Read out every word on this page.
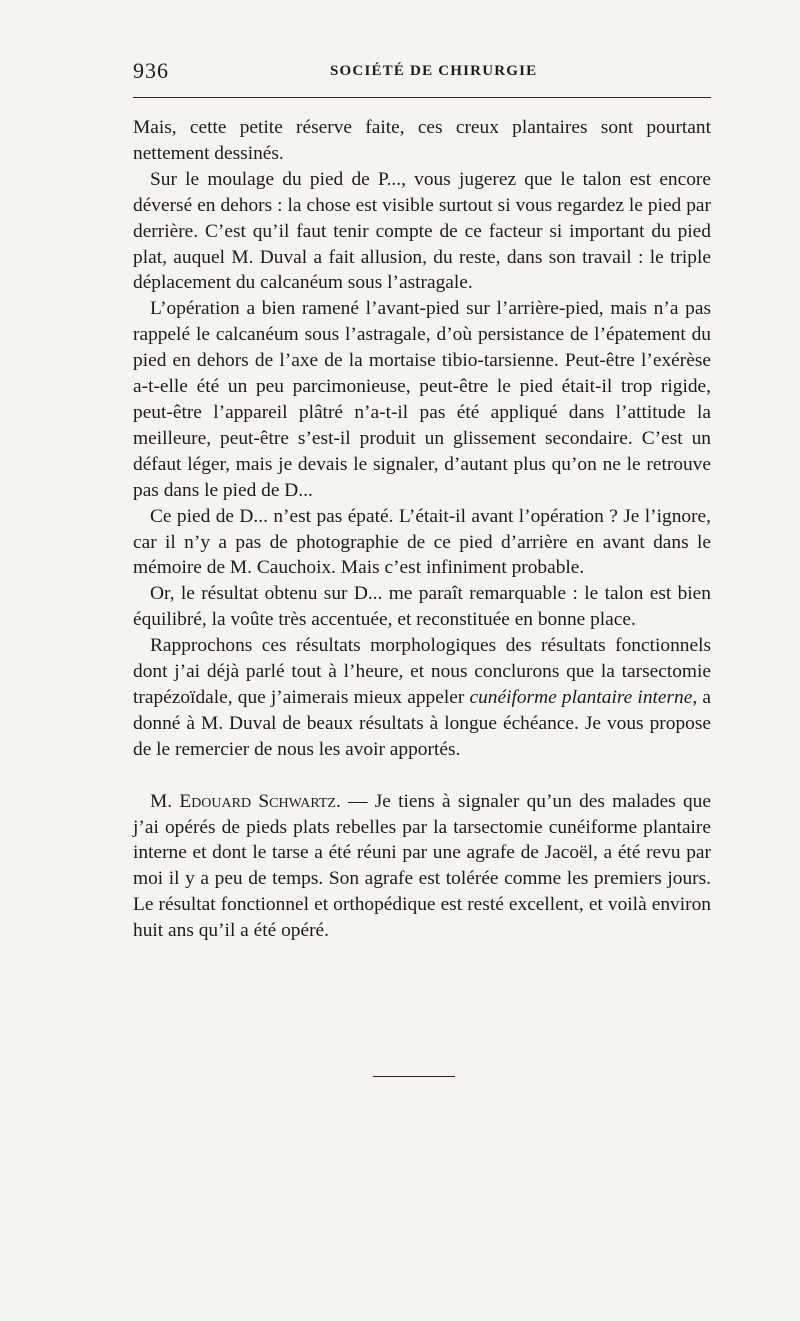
936	SOCIÉTÉ DE CHIRURGIE

Mais, cette petite réserve faite, ces creux plantaires sont pourtant nettement dessinés.

Sur le moulage du pied de P..., vous jugerez que le talon est encore déversé en dehors : la chose est visible surtout si vous regardez le pied par derrière. C’est qu’il faut tenir compte de ce facteur si important du pied plat, auquel M. Duval a fait allusion, du reste, dans son travail : le triple déplacement du calcanéum sous l’astragale.

L’opération a bien ramené l’avant-pied sur l’arrière-pied, mais n’a pas rappelé le calcanéum sous l’astragale, d’où persistance de l’épatement du pied en dehors de l’axe de la mortaise tibio-tarsienne. Peut-être l’exérèse a-t-elle été un peu parcimonieuse, peut-être le pied était-il trop rigide, peut-être l’appareil plâtré n’a-t-il pas été appliqué dans l’attitude la meilleure, peut-être s’est-il produit un glissement secondaire. C’est un défaut léger, mais je devais le signaler, d’autant plus qu’on ne le retrouve pas dans le pied de D...

Ce pied de D... n’est pas épaté. L’était-il avant l’opération ? Je l’ignore, car il n’y a pas de photographie de ce pied d’arrière en avant dans le mémoire de M. Cauchoix. Mais c’est infiniment probable.

Or, le résultat obtenu sur D... me paraît remarquable : le talon est bien équilibré, la voûte très accentuée, et reconstituée en bonne place.

Rapprochons ces résultats morphologiques des résultats fonctionnels dont j’ai déjà parlé tout à l’heure, et nous conclurons que la tarsectomie trapézoïdale, que j’aimerais mieux appeler cunéiforme plantaire interne, a donné à M. Duval de beaux résultats à longue échéance. Je vous propose de le remercier de nous les avoir apportés.

M. Edouard Schwartz. — Je tiens à signaler qu’un des malades que j’ai opérés de pieds plats rebelles par la tarsectomie cunéiforme plantaire interne et dont le tarse a été réuni par une agrafe de Jacoël, a été revu par moi il y a peu de temps. Son agrafe est tolérée comme les premiers jours. Le résultat fonctionnel et orthopédique est resté excellent, et voilà environ huit ans qu’il a été opéré.
